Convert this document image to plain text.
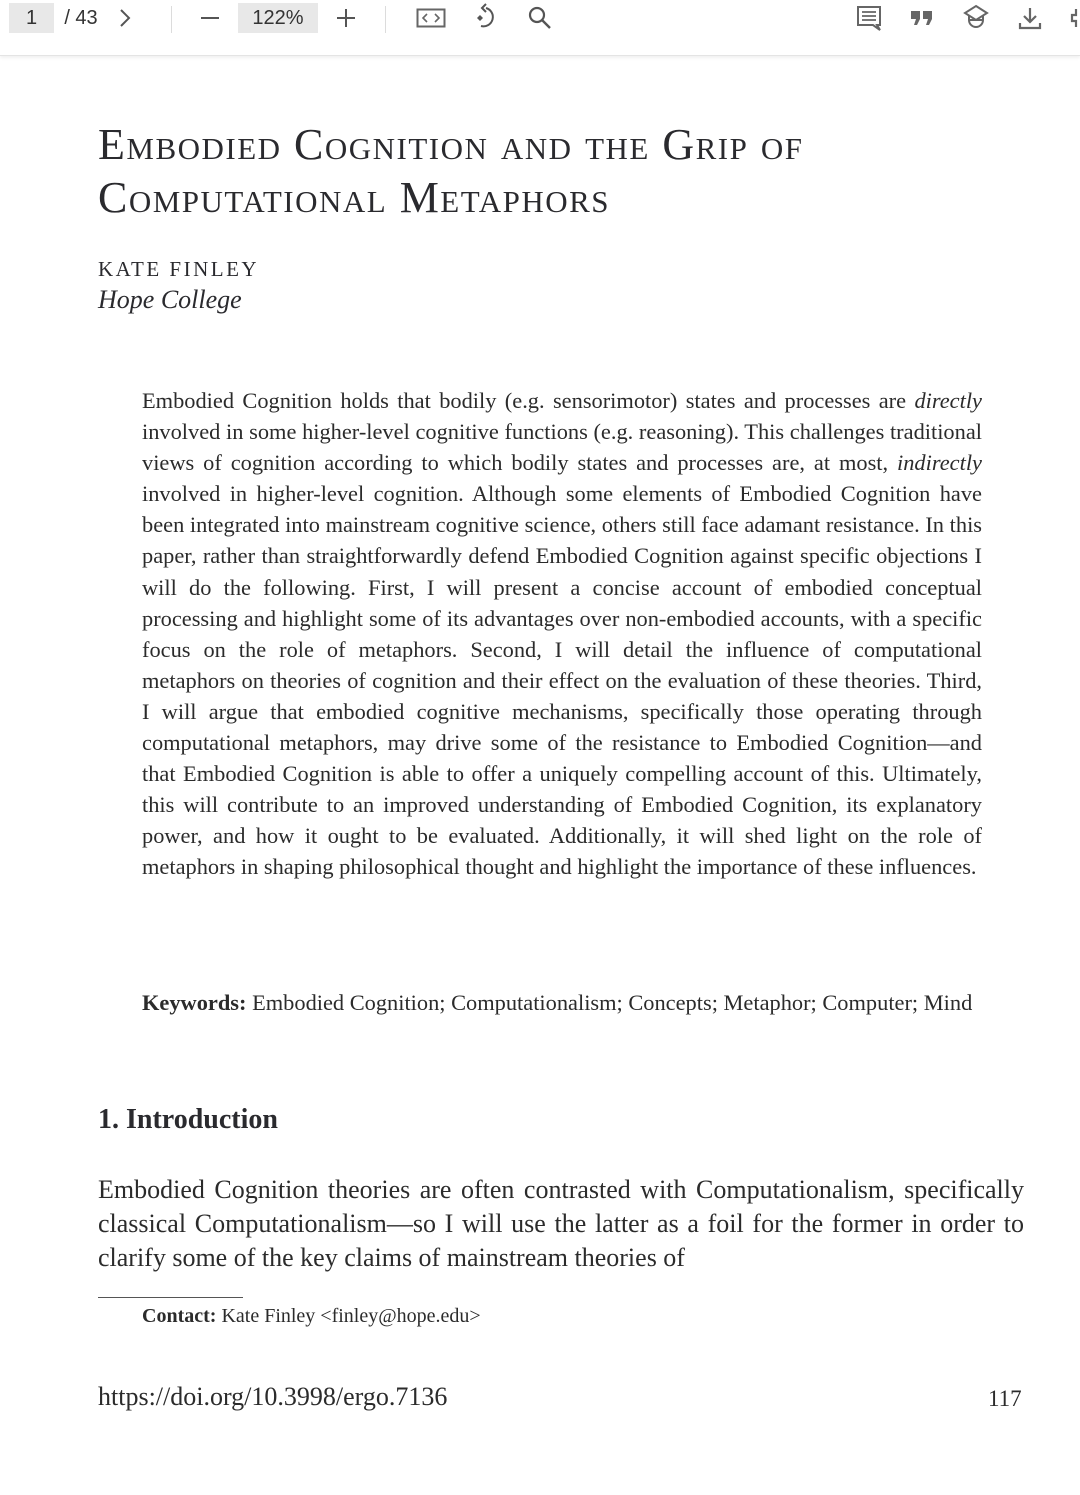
1	/ 43	122%
Embodied Cognition and the Grip of
Computational Metaphors
KATE FINLEY
Hope College

Embodied Cognition holds that bodily (e.g. sensorimotor) states and processes are directly involved in some higher-level cognitive functions (e.g. reasoning). This challenges traditional views of cognition according to which bodily states and processes are, at most, indirectly involved in higher-level cognition. Although some elements of Embodied Cognition have been integrated into mainstream cognitive science, others still face adamant resistance. In this paper, rather than straightforwardly defend Embodied Cognition against specific objections I will do the following. First, I will present a concise account of embodied conceptual processing and highlight some of its advantages over non-embodied accounts, with a specific focus on the role of metaphors. Second, I will detail the influence of computational metaphors on theories of cognition and their effect on the evaluation of these theories. Third, I will argue that embodied cognitive mechanisms, specifically those operating through computational metaphors, may drive some of the resistance to Embodied Cognition—and that Embodied Cognition is able to offer a uniquely compelling account of this. Ultimately, this will contribute to an improved understanding of Embodied Cognition, its explanatory power, and how it ought to be evaluated. Additionally, it will shed light on the role of metaphors in shaping philosophical thought and highlight the importance of these influences.

Keywords: Embodied Cognition; Computationalism; Concepts; Metaphor; Computer; Mind
1. Introduction
Embodied Cognition theories are often contrasted with Computationalism, specifically classical Computationalism—so I will use the latter as a foil for the former in order to clarify some of the key claims of mainstream theories of
Contact: Kate Finley <finley@hope.edu>
https://doi.org/10.3998/ergo.7136	117
